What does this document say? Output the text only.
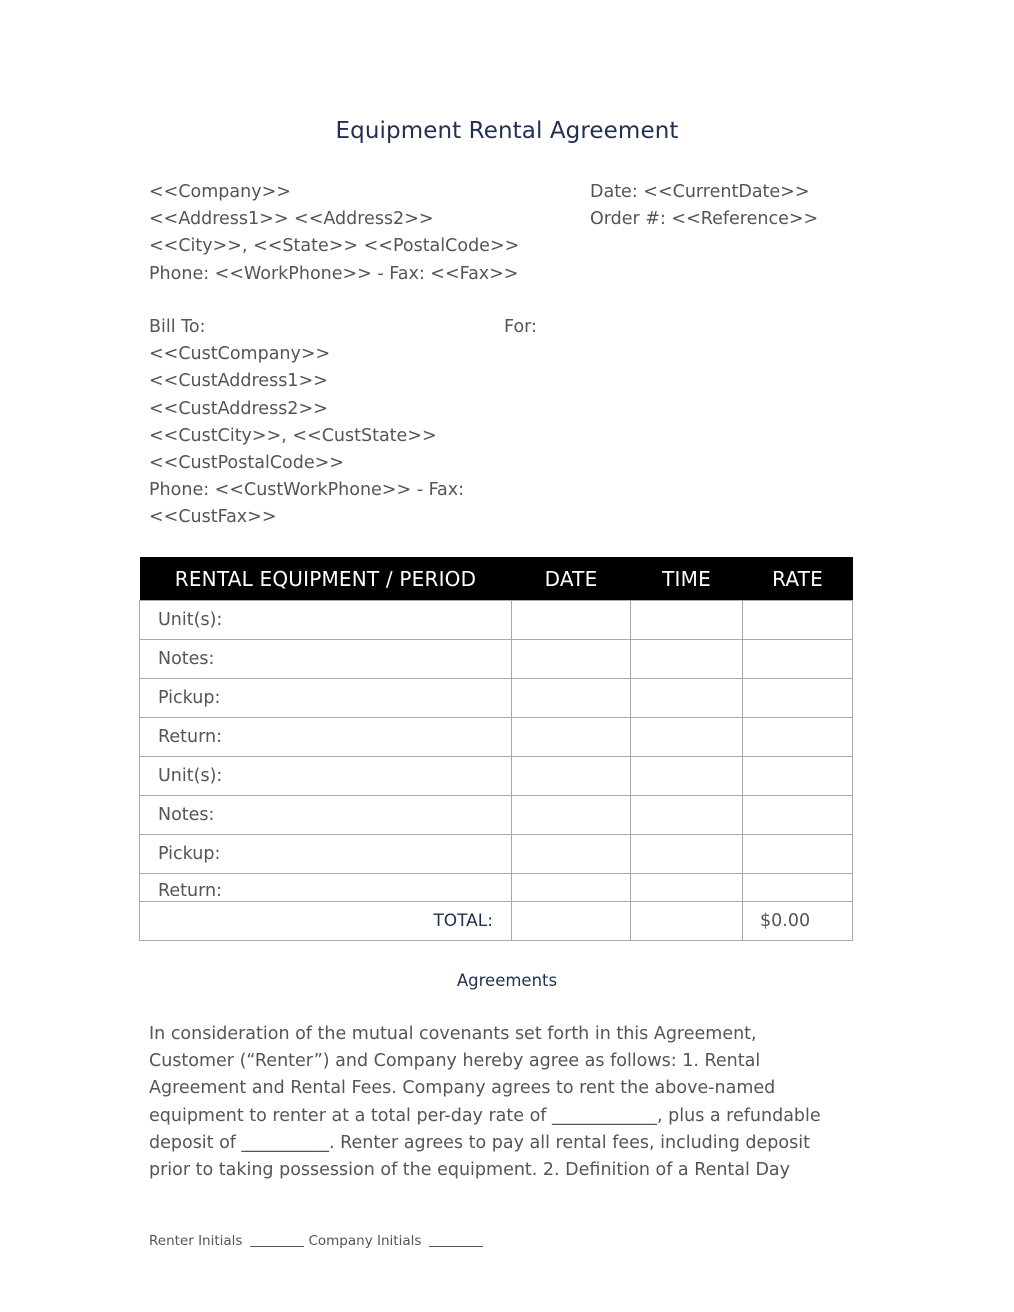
Equipment Rental Agreement
<<Company>>
<<Address1>> <<Address2>>
<<City>>, <<State>> <<PostalCode>>
Phone: <<WorkPhone>> - Fax: <<Fax>>
Date: <<CurrentDate>>
Order #: <<Reference>>
Bill To:
<<CustCompany>>
<<CustAddress1>>
<<CustAddress2>>
<<CustCity>>, <<CustState>>
<<CustPostalCode>>
Phone: <<CustWorkPhone>> - Fax:
<<CustFax>>
For:
RENTAL EQUIPMENT / PERIOD	DATE	TIME	RATE
Unit(s):			
Notes:			
Pickup:			
Return:			
Unit(s):			
Notes:			
Pickup:			

Return:			

TOTAL:			$0.00
Agreements
In consideration of the mutual covenants set forth in this Agreement,
Customer (“Renter”) and Company hereby agree as follows: 1. Rental
Agreement and Rental Fees. Company agrees to rent the above-named
equipment to renter at a total per-day rate of ____________, plus a refundable
deposit of __________. Renter agrees to pay all rental fees, including deposit
prior to taking possession of the equipment. 2. Definition of a Rental Day
Renter Initials	Company Initials
